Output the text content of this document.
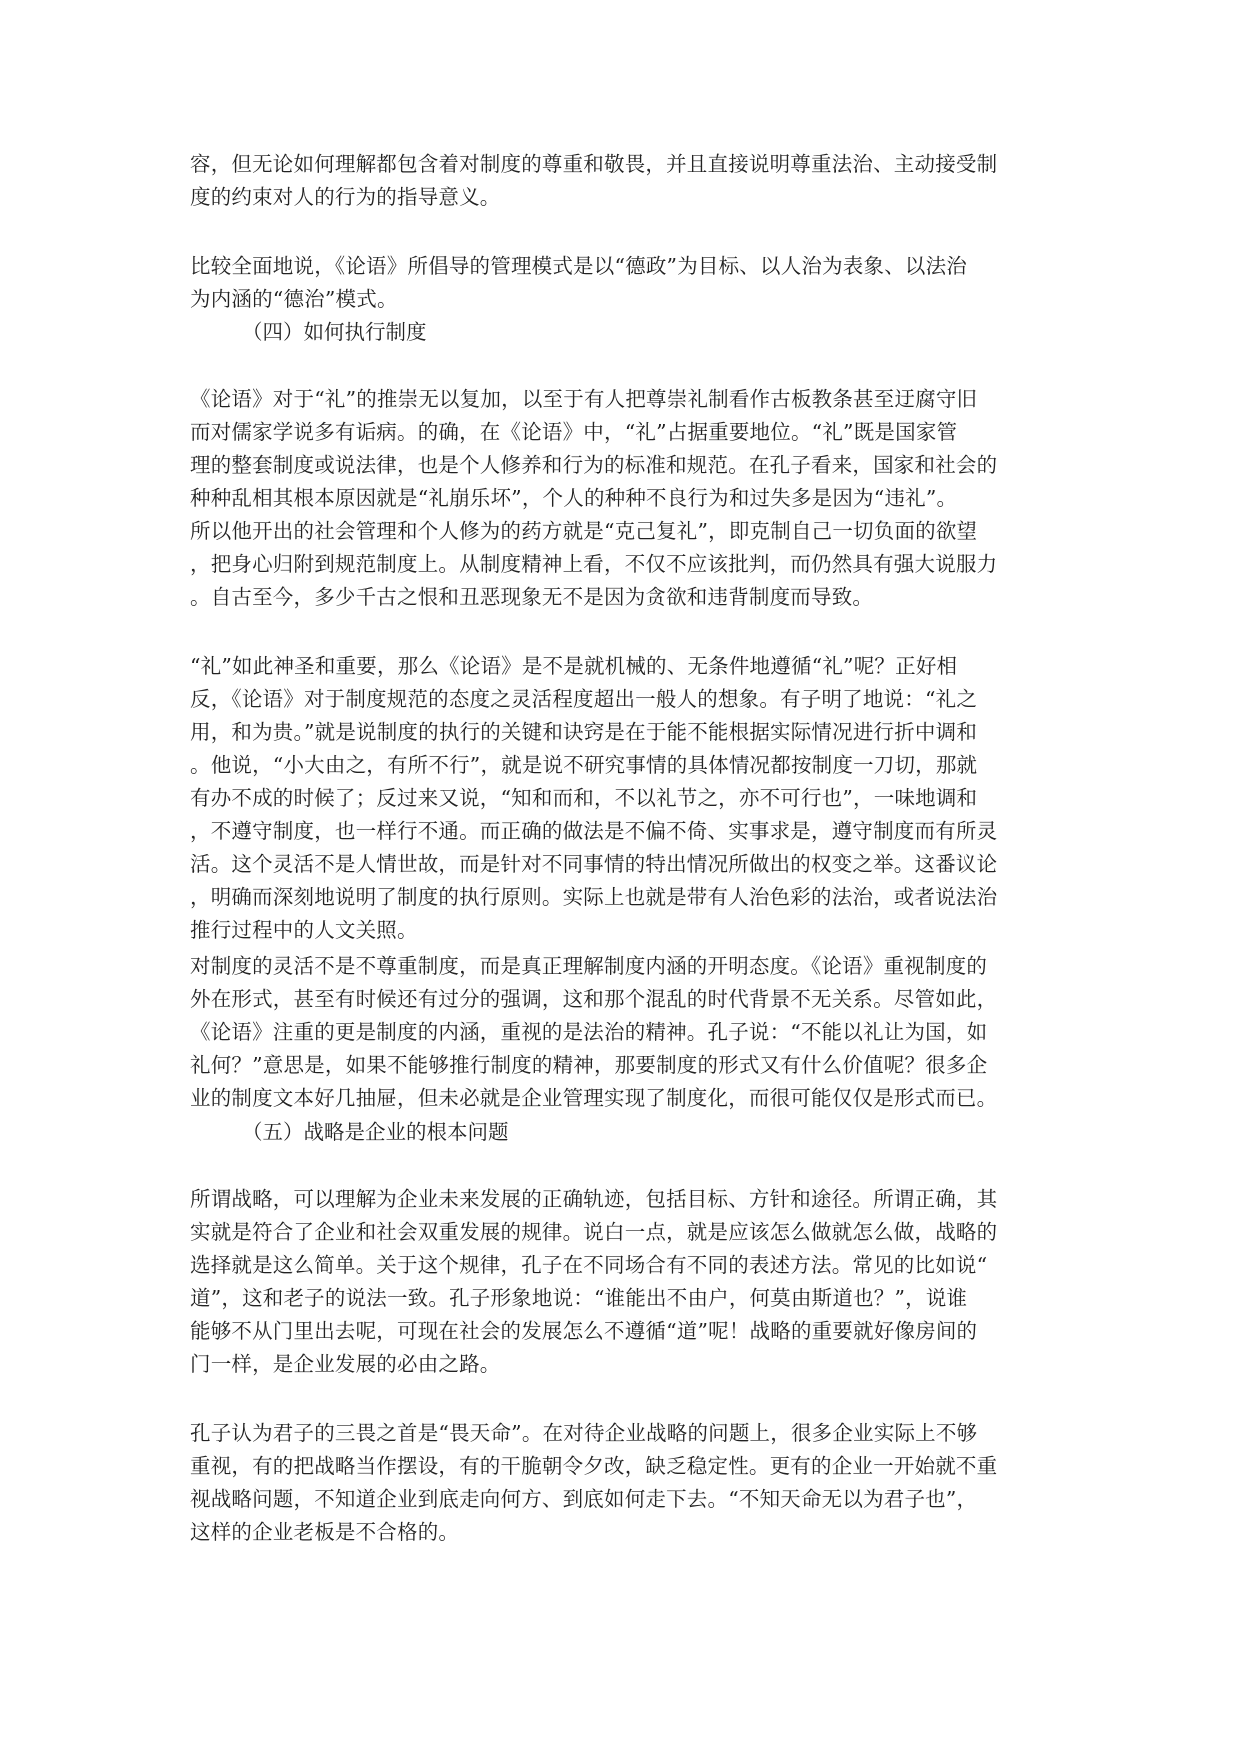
容，但无论如何理解都包含着对制度的尊重和敬畏，并且直接说明尊重法治、主动接受制
度的约束对人的行为的指导意义。

比较全面地说，《论语》所倡导的管理模式是以“德政”为目标、以人治为表象、以法治
为内涵的“德治”模式。

（四）如何执行制度

《论语》对于“礼”的推崇无以复加，以至于有人把尊崇礼制看作古板教条甚至迂腐守旧
而对儒家学说多有诟病。的确，在《论语》中，“礼”占据重要地位。“礼”既是国家管
理的整套制度或说法律，也是个人修养和行为的标准和规范。在孔子看来，国家和社会的
种种乱相其根本原因就是“礼崩乐坏”，个人的种种不良行为和过失多是因为“违礼”。
所以他开出的社会管理和个人修为的药方就是“克己复礼”，即克制自己一切负面的欲望
，把身心归附到规范制度上。从制度精神上看，不仅不应该批判，而仍然具有强大说服力
。自古至今，多少千古之恨和丑恶现象无不是因为贪欲和违背制度而导致。

“礼”如此神圣和重要，那么《论语》是不是就机械的、无条件地遵循“礼”呢？正好相
反，《论语》对于制度规范的态度之灵活程度超出一般人的想象。有子明了地说：“礼之
用，和为贵。”就是说制度的执行的关键和诀窍是在于能不能根据实际情况进行折中调和
。他说，“小大由之，有所不行”，就是说不研究事情的具体情况都按制度一刀切，那就
有办不成的时候了；反过来又说，“知和而和，不以礼节之，亦不可行也”，一味地调和
，不遵守制度，也一样行不通。而正确的做法是不偏不倚、实事求是，遵守制度而有所灵
活。这个灵活不是人情世故，而是针对不同事情的特出情况所做出的权变之举。这番议论
，明确而深刻地说明了制度的执行原则。实际上也就是带有人治色彩的法治，或者说法治
推行过程中的人文关照。

对制度的灵活不是不尊重制度，而是真正理解制度内涵的开明态度。《论语》重视制度的
外在形式，甚至有时候还有过分的强调，这和那个混乱的时代背景不无关系。尽管如此，
《论语》注重的更是制度的内涵，重视的是法治的精神。孔子说：“不能以礼让为国，如
礼何？”意思是，如果不能够推行制度的精神，那要制度的形式又有什么价值呢？很多企
业的制度文本好几抽屉，但未必就是企业管理实现了制度化，而很可能仅仅是形式而已。

（五）战略是企业的根本问题

所谓战略，可以理解为企业未来发展的正确轨迹，包括目标、方针和途径。所谓正确，其
实就是符合了企业和社会双重发展的规律。说白一点，就是应该怎么做就怎么做，战略的
选择就是这么简单。关于这个规律，孔子在不同场合有不同的表述方法。常见的比如说“
道”，这和老子的说法一致。孔子形象地说：“谁能出不由户，何莫由斯道也？”，说谁
能够不从门里出去呢，可现在社会的发展怎么不遵循“道”呢！战略的重要就好像房间的
门一样，是企业发展的必由之路。

孔子认为君子的三畏之首是“畏天命”。在对待企业战略的问题上，很多企业实际上不够
重视，有的把战略当作摆设，有的干脆朝令夕改，缺乏稳定性。更有的企业一开始就不重
视战略问题，不知道企业到底走向何方、到底如何走下去。“不知天命无以为君子也”，
这样的企业老板是不合格的。
